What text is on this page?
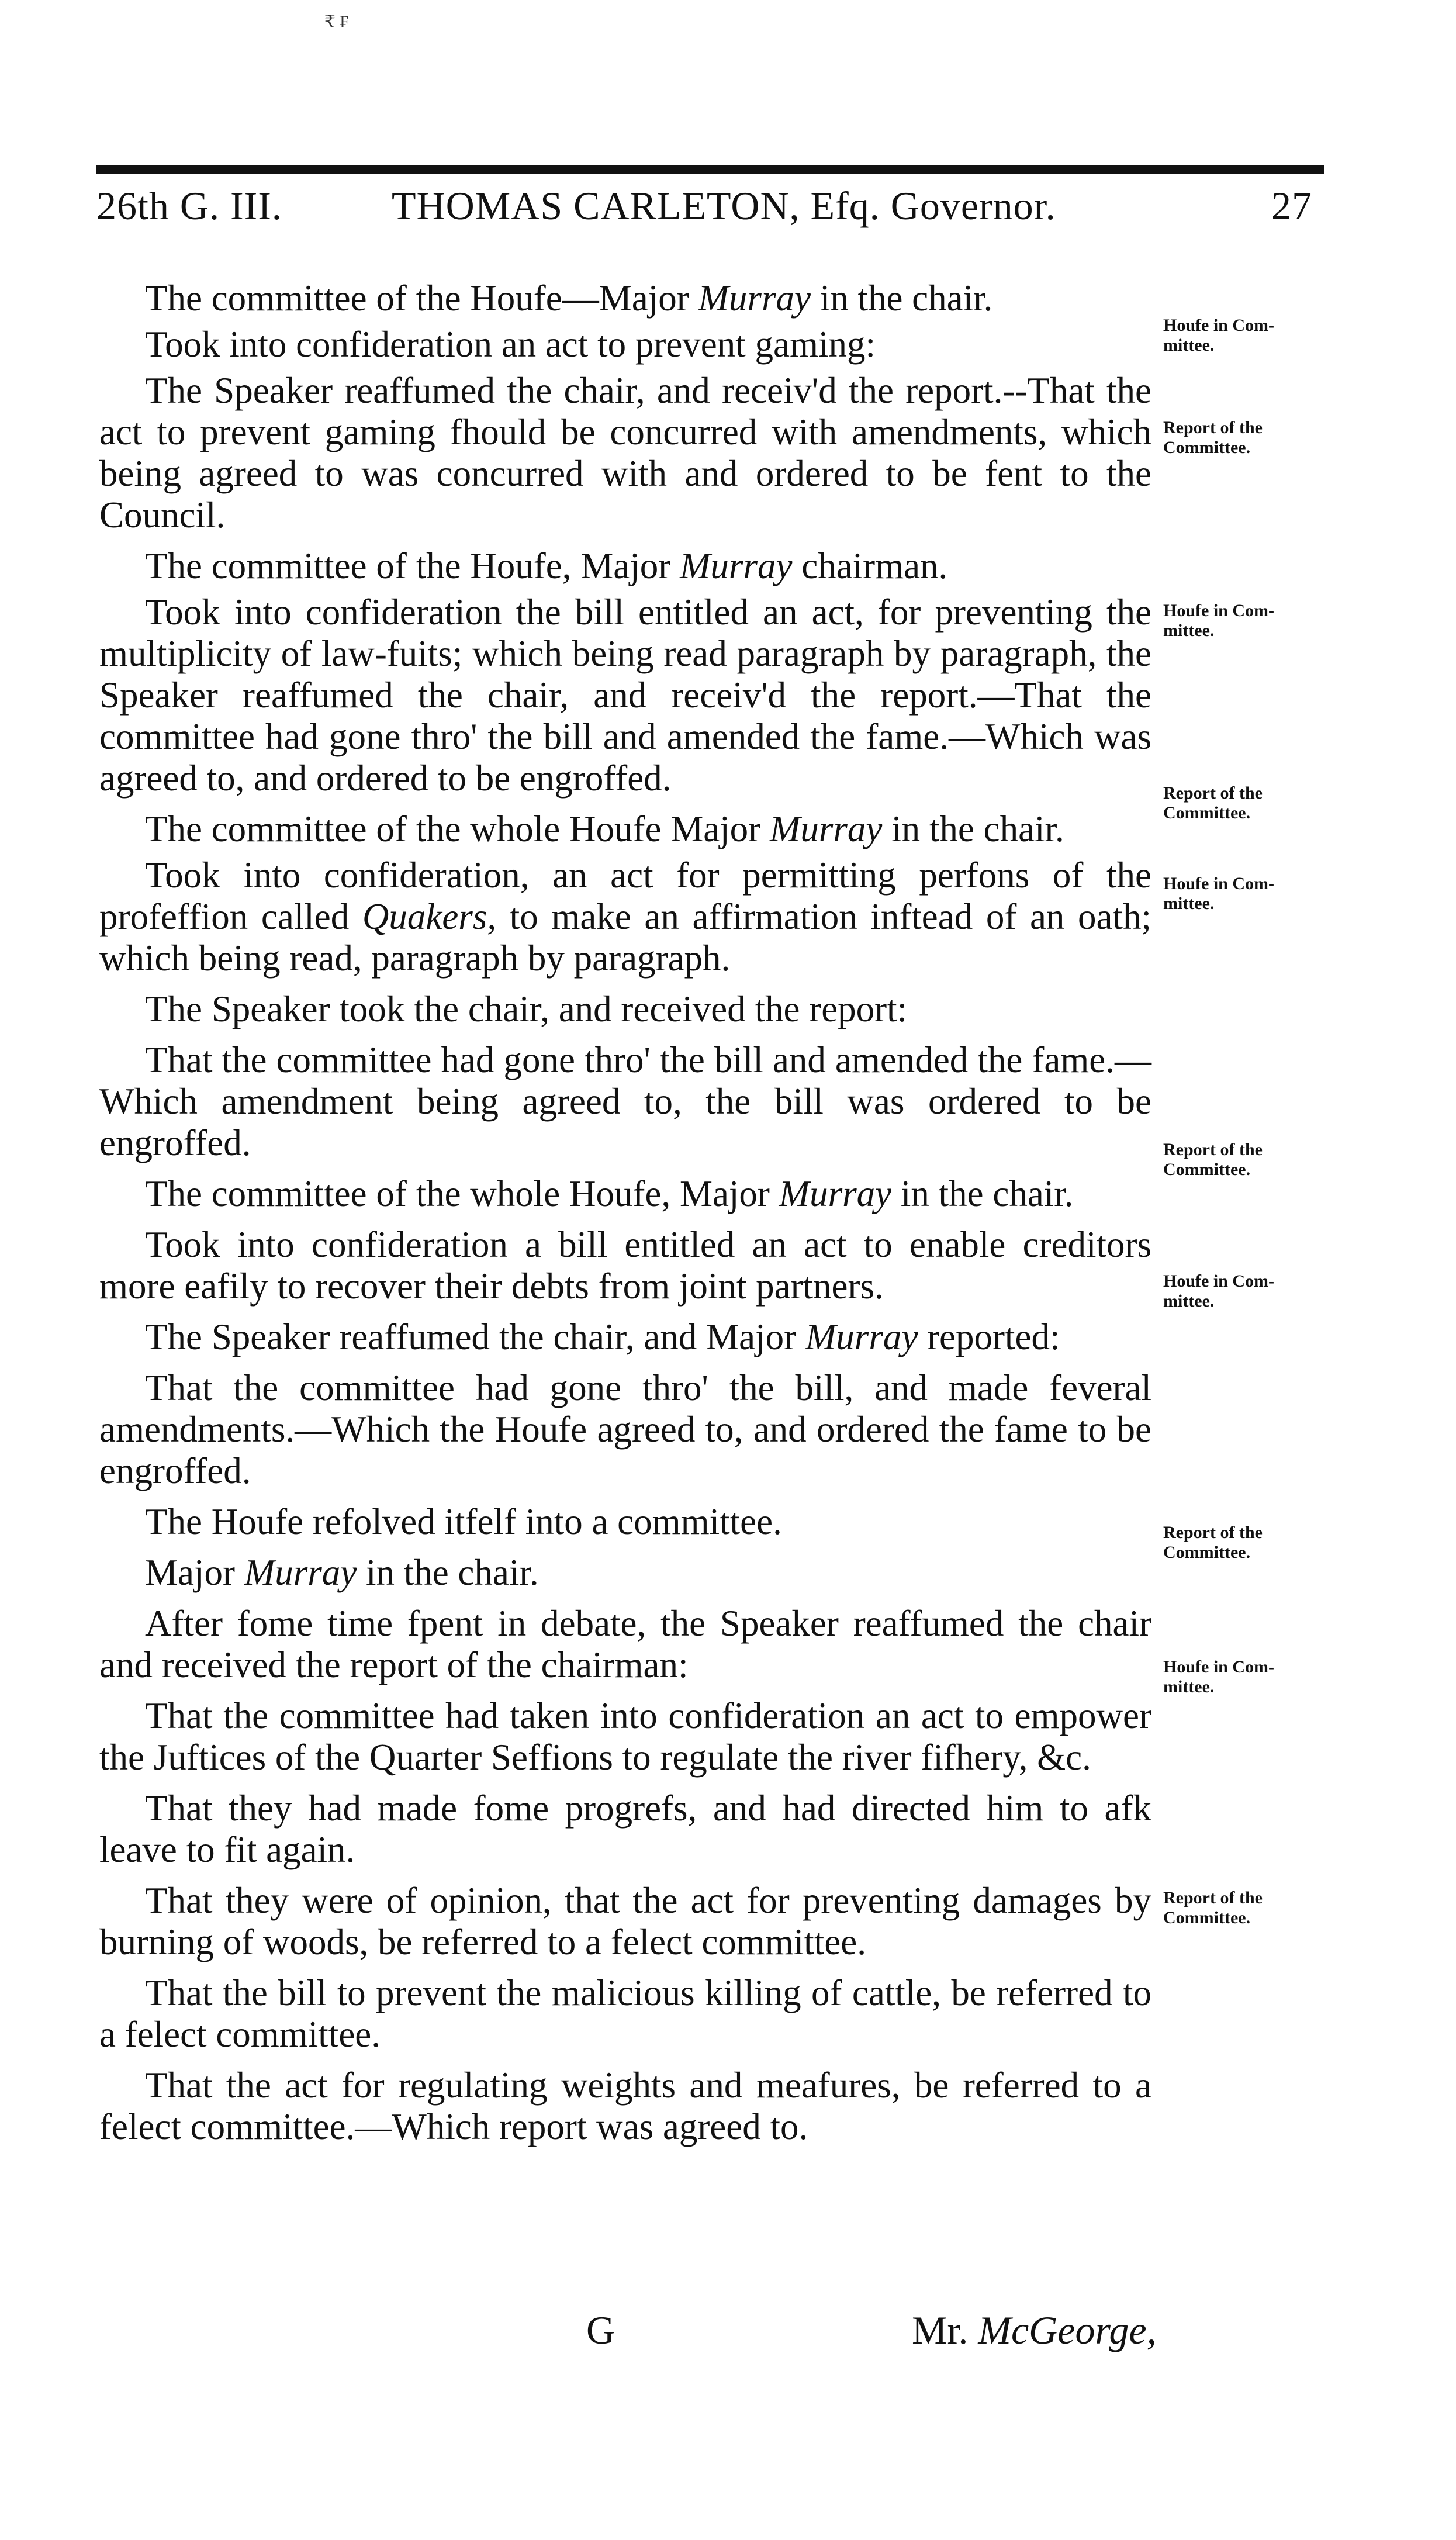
₹ ₣
26th G. III.	THOMAS CARLETON, Efq. Governor.	27

The committee of the Houfe—Major Murray in the chair.

Took into confideration an act to prevent gaming:

The Speaker reaffumed the chair, and receiv'd the report.--That the act to prevent gaming fhould be concurred with amendments, which being agreed to was concurred with and ordered to be fent to the Council.

The committee of the Houfe, Major Murray chairman.

Took into confideration the bill entitled an act, for preventing the multiplicity of law-fuits; which being read paragraph by paragraph, the Speaker reaffumed the chair, and receiv'd the report.—That the committee had gone thro' the bill and amended the fame.—Which was agreed to, and ordered to be engroffed.

The committee of the whole Houfe Major Murray in the chair.

Took into confideration, an act for permitting perfons of the profeffion called Quakers, to make an affirmation inftead of an oath; which being read, paragraph by paragraph.

The Speaker took the chair, and received the report:

That the committee had gone thro' the bill and amended the fame.—Which amendment being agreed to, the bill was ordered to be engroffed.

The committee of the whole Houfe, Major Murray in the chair.

Took into confideration a bill entitled an act to enable creditors more eafily to recover their debts from joint partners.

The Speaker reaffumed the chair, and Major Murray reported:

That the committee had gone thro' the bill, and made feveral amendments.—Which the Houfe agreed to, and ordered the fame to be engroffed.

The Houfe refolved itfelf into a committee.

Major Murray in the chair.

After fome time fpent in debate, the Speaker reaffumed the chair and received the report of the chairman:

That the committee had taken into confideration an act to empower the Juftices of the Quarter Seffions to regulate the river fifhery, &c.

That they had made fome progrefs, and had directed him to afk leave to fit again.

That they were of opinion, that the act for preventing damages by burning of woods, be referred to a felect committee.

That the bill to prevent the malicious killing of cattle, be referred to a felect committee.

That the act for regulating weights and meafures, be referred to a felect committee.—Which report was agreed to.

Houfe in Com-
mittee.
Report of the
Committee.
Houfe in Com-
mittee.
Report of the
Committee.
Houfe in Com-
mittee.
Report of the
Committee.
Houfe in Com-
mittee.
Report of the
Committee.
Houfe in Com-
mittee.
Report of the
Committee.
G	Mr. McGeorge,
